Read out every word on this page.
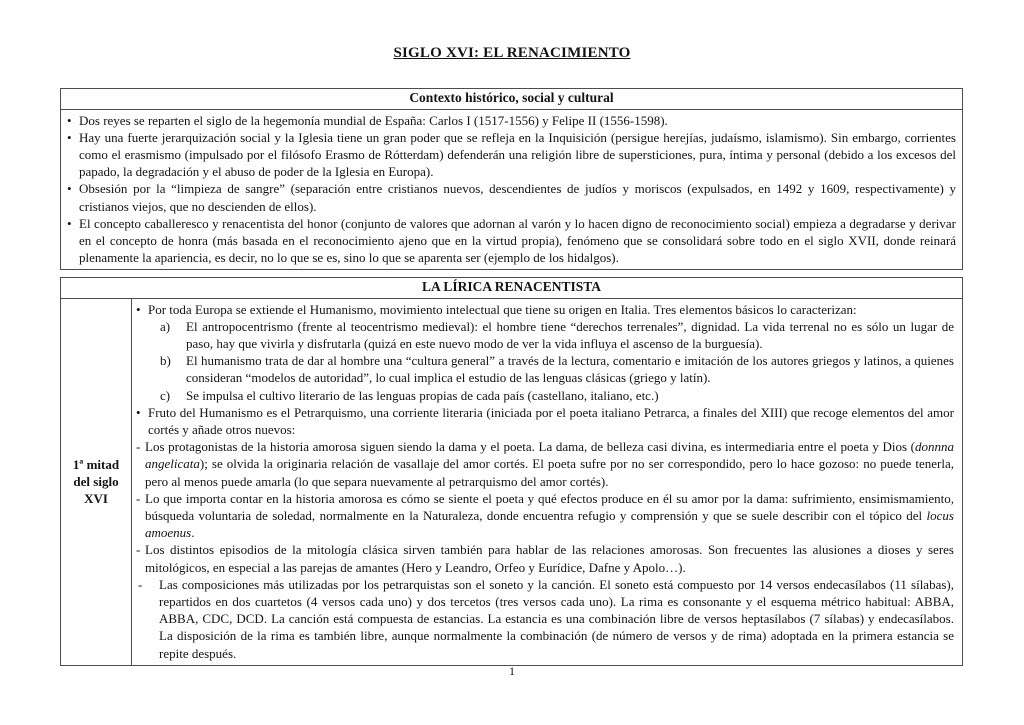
SIGLO XVI: EL RENACIMIENTO
Contexto histórico, social y cultural
• Dos reyes se reparten el siglo de la hegemonía mundial de España: Carlos I (1517-1556) y Felipe II (1556-1598).
• Hay una fuerte jerarquización social y la Iglesia tiene un gran poder que se refleja en la Inquisición (persigue herejías, judaísmo, islamismo). Sin embargo, corrientes como el erasmismo (impulsado por el filósofo Erasmo de Rótterdam) defenderán una religión libre de supersticiones, pura, íntima y personal (debido a los excesos del papado, la degradación y el abuso de poder de la Iglesia en Europa).
• Obsesión por la “limpieza de sangre” (separación entre cristianos nuevos, descendientes de judíos y moriscos (expulsados, en 1492 y 1609, respectivamente) y cristianos viejos, que no descienden de ellos).
• El concepto caballeresco y renacentista del honor (conjunto de valores que adornan al varón y lo hacen digno de reconocimiento social) empieza a degradarse y derivar en el concepto de honra (más basada en el reconocimiento ajeno que en la virtud propia), fenómeno que se consolidará sobre todo en el siglo XVII, donde reinará plenamente la apariencia, es decir, no lo que se es, sino lo que se aparenta ser (ejemplo de los hidalgos).
LA LÍRICA RENACENTISTA
1ª mitad del siglo XVI
• Por toda Europa se extiende el Humanismo, movimiento intelectual que tiene su origen en Italia. Tres elementos básicos lo caracterizan:
a) El antropocentrismo (frente al teocentrismo medieval): el hombre tiene “derechos terrenales”, dignidad. La vida terrenal no es sólo un lugar de paso, hay que vivirla y disfrutarla (quizá en este nuevo modo de ver la vida influya el ascenso de la burguesía).
b) El humanismo trata de dar al hombre una “cultura general” a través de la lectura, comentario e imitación de los autores griegos y latinos, a quienes consideran “modelos de autoridad”, lo cual implica el estudio de las lenguas clásicas (griego y latín).
c) Se impulsa el cultivo literario de las lenguas propias de cada país (castellano, italiano, etc.)
• Fruto del Humanismo es el Petrarquismo, una corriente literaria (iniciada por el poeta italiano Petrarca, a finales del XIII) que recoge elementos del amor cortés y añade otros nuevos:
- Los protagonistas de la historia amorosa siguen siendo la dama y el poeta. La dama, de belleza casi divina, es intermediaria entre el poeta y Dios (donnna angelicata); se olvida la originaria relación de vasallaje del amor cortés. El poeta sufre por no ser correspondido, pero lo hace gozoso: no puede tenerla, pero al menos puede amarla (lo que separa nuevamente al petrarquismo del amor cortés).
- Lo que importa contar en la historia amorosa es cómo se siente el poeta y qué efectos produce en él su amor por la dama: sufrimiento, ensimismamiento, búsqueda voluntaria de soledad, normalmente en la Naturaleza, donde encuentra refugio y comprensión y que se suele describir con el tópico del locus amoenus.
- Los distintos episodios de la mitología clásica sirven también para hablar de las relaciones amorosas. Son frecuentes las alusiones a dioses y seres mitológicos, en especial a las parejas de amantes (Hero y Leandro, Orfeo y Eurídice, Dafne y Apolo…).
- Las composiciones más utilizadas por los petrarquistas son el soneto y la canción. El soneto está compuesto por 14 versos endecasílabos (11 sílabas), repartidos en dos cuartetos (4 versos cada uno) y dos tercetos (tres versos cada uno). La rima es consonante y el esquema métrico habitual: ABBA, ABBA, CDC, DCD. La canción está compuesta de estancias. La estancia es una combinación libre de versos heptasílabos (7 sílabas) y endecasílabos. La disposición de la rima es también libre, aunque normalmente la combinación (de número de versos y de rima) adoptada en la primera estancia se repite después.
1
